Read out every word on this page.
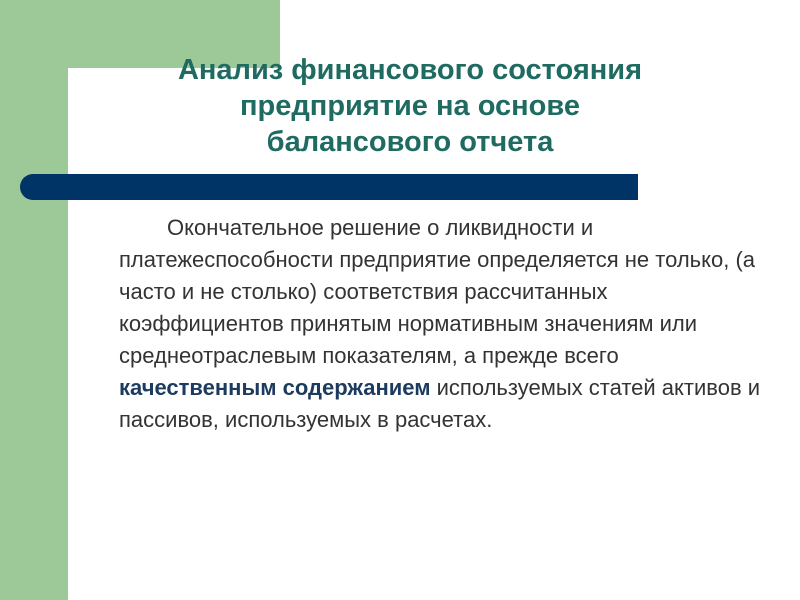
Анализ финансового состояния
предприятие на основе
балансового отчета

Окончательное решение о ликвидности и платежеспособности предприятие определяется не только, (а часто и не столько) соответствия рассчитанных коэффициентов принятым нормативным значениям или среднеотраслевым показателям, а прежде всего качественным содержанием используемых статей активов и пассивов, используемых в расчетах.
